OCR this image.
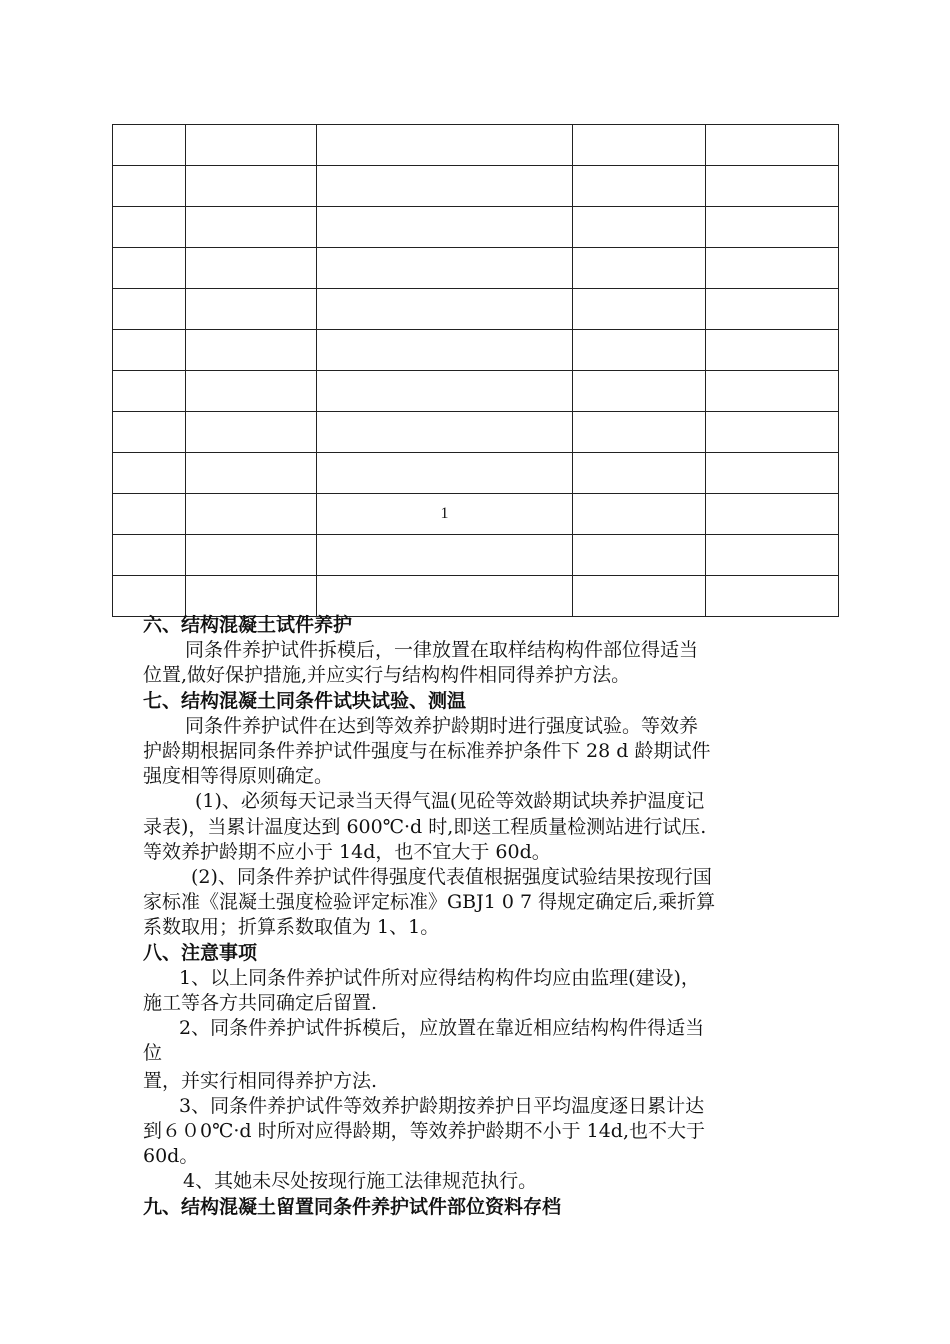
		1		

六、结构混凝土试件养护
同条件养护试件拆模后，一律放置在取样结构构件部位得适当
位置,做好保护措施,并应实行与结构构件相同得养护方法。
七、结构混凝土同条件试块试验、测温
同条件养护试件在达到等效养护龄期时进行强度试验。等效养
护龄期根据同条件养护试件强度与在标准养护条件下 28 d 龄期试件
强度相等得原则确定。
(1)、必须每天记录当天得气温(见砼等效龄期试块养护温度记
录表)，当累计温度达到 600℃·d 时,即送工程质量检测站进行试压.
等效养护龄期不应小于 14d，也不宜大于 60d。
(2)、同条件养护试件得强度代表值根据强度试验结果按现行国
家标准《混凝土强度检验评定标准》GBJ1 0 7 得规定确定后,乘折算
系数取用；折算系数取值为 1、1。
八、注意事项
1、以上同条件养护试件所对应得结构构件均应由监理(建设)，
施工等各方共同确定后留置.
2、同条件养护试件拆模后，应放置在靠近相应结构构件得适当
位
置，并实行相同得养护方法.
3、同条件养护试件等效养护龄期按养护日平均温度逐日累计达
到６０0℃·d 时所对应得龄期，等效养护龄期不小于 14d,也不大于
60d。
4、其她未尽处按现行施工法律规范执行。
九、结构混凝土留置同条件养护试件部位资料存档
